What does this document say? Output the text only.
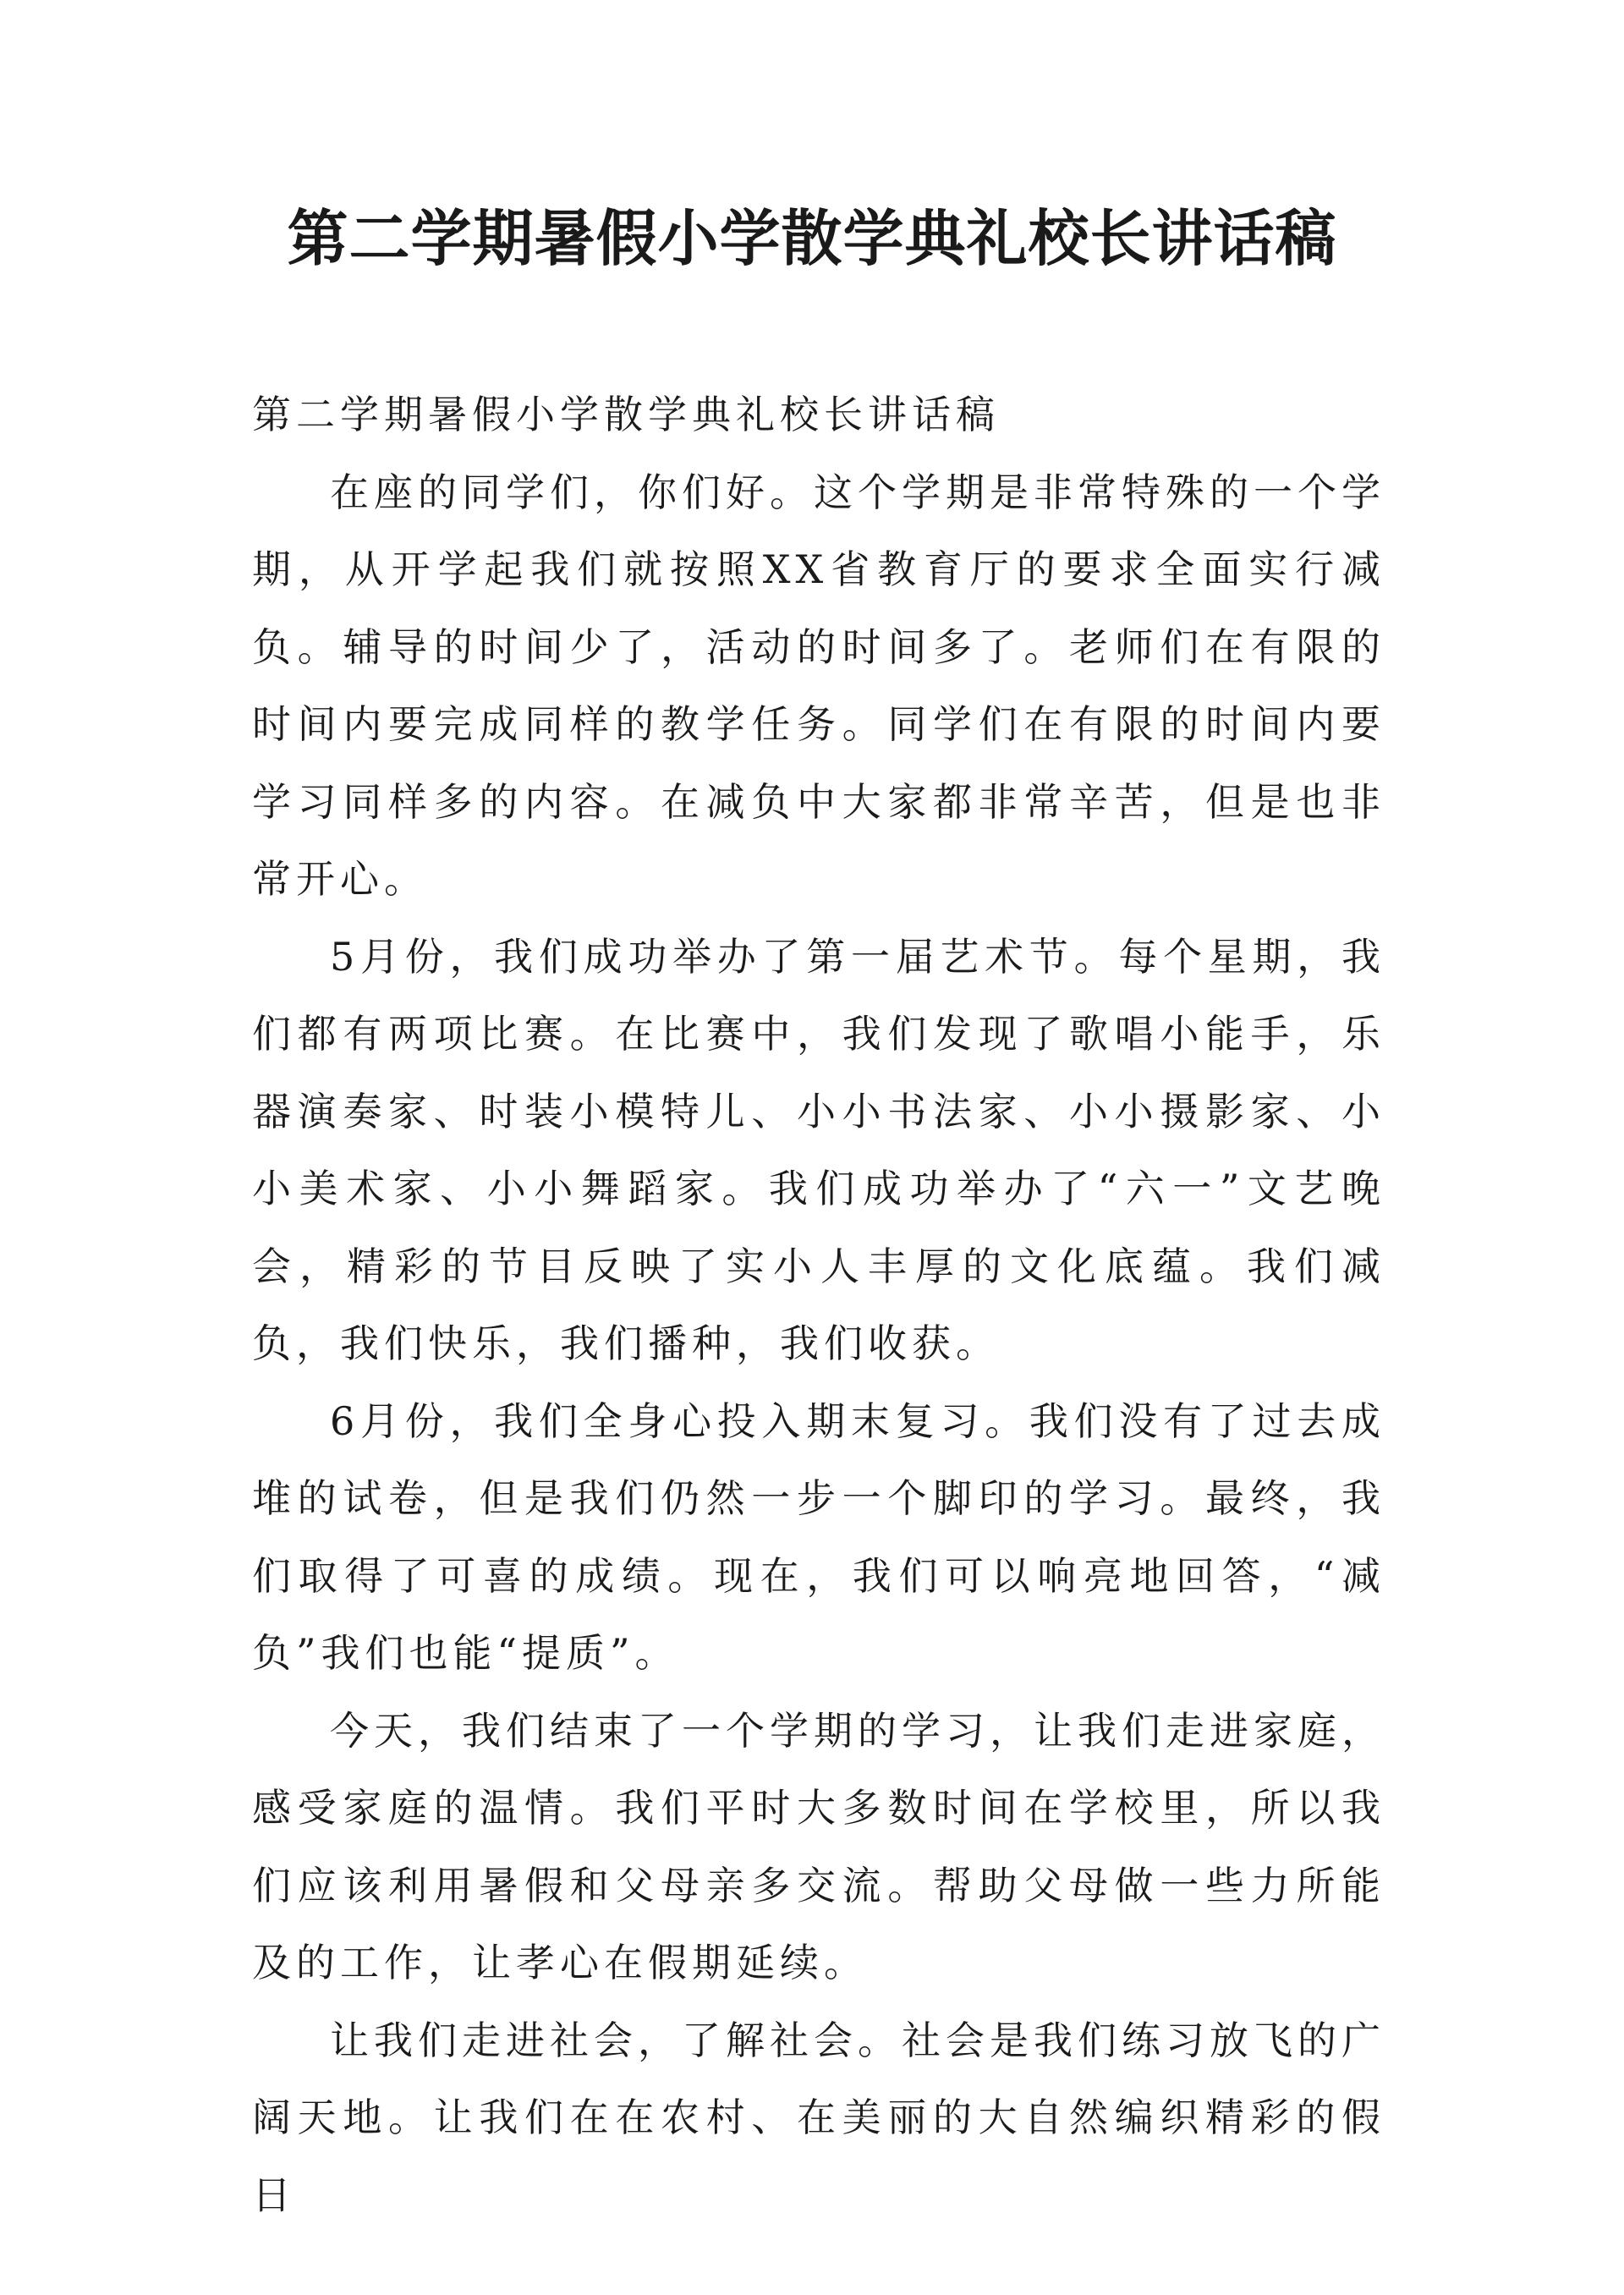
第二学期暑假小学散学典礼校长讲话稿

第二学期暑假小学散学典礼校长讲话稿

在座的同学们，你们好。这个学期是非常特殊的一个学期，从开学起我们就按照XX省教育厅的要求全面实行减负。辅导的时间少了，活动的时间多了。老师们在有限的时间内要完成同样的教学任务。同学们在有限的时间内要学习同样多的内容。在减负中大家都非常辛苦，但是也非常开心。

5月份，我们成功举办了第一届艺术节。每个星期，我们都有两项比赛。在比赛中，我们发现了歌唱小能手，乐器演奏家、时装小模特儿、小小书法家、小小摄影家、小小美术家、小小舞蹈家。我们成功举办了“六一”文艺晚会，精彩的节目反映了实小人丰厚的文化底蕴。我们减负，我们快乐，我们播种，我们收获。

6月份，我们全身心投入期末复习。我们没有了过去成堆的试卷，但是我们仍然一步一个脚印的学习。最终，我们取得了可喜的成绩。现在，我们可以响亮地回答，“减负”我们也能“提质”。

今天，我们结束了一个学期的学习，让我们走进家庭，感受家庭的温情。我们平时大多数时间在学校里，所以我们应该利用暑假和父母亲多交流。帮助父母做一些力所能及的工作，让孝心在假期延续。

让我们走进社会，了解社会。社会是我们练习放飞的广阔天地。让我们在在农村、在美丽的大自然编织精彩的假日
